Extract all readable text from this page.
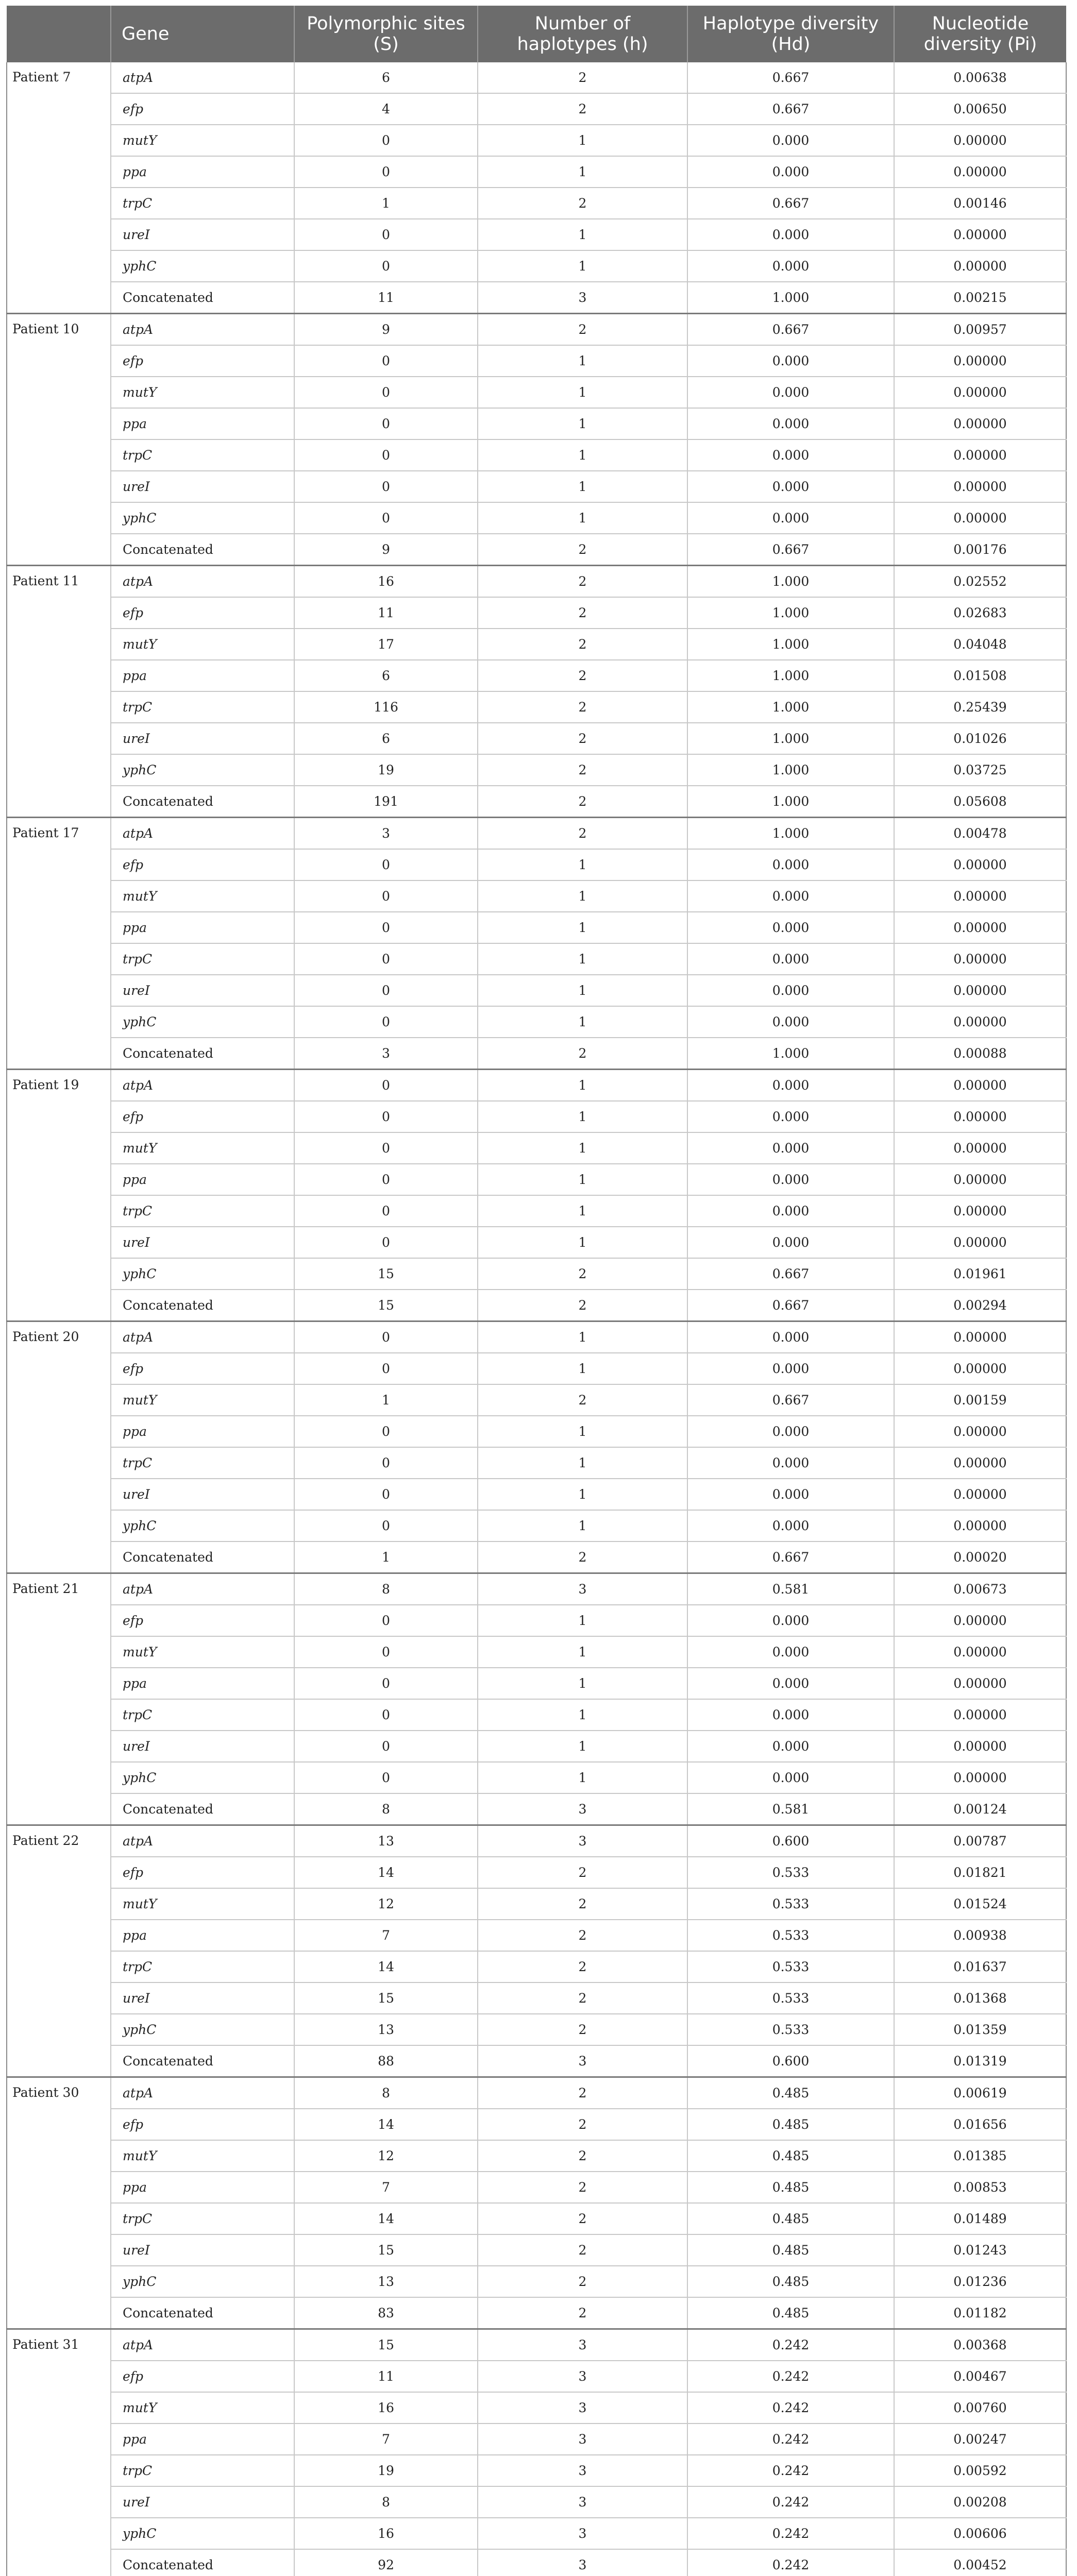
	Gene	Polymorphic sites (S)	Number of haplotypes (h)	Haplotype diversity (Hd)	Nucleotide diversity (Pi)
Patient 7	atpA	6	2	0.667	0.00638
	efp	4	2	0.667	0.00650
	mutY	0	1	0.000	0.00000
	ppa	0	1	0.000	0.00000
	trpC	1	2	0.667	0.00146
	ureI	0	1	0.000	0.00000
	yphC	0	1	0.000	0.00000
	Concatenated	11	3	1.000	0.00215
Patient 10	atpA	9	2	0.667	0.00957
	efp	0	1	0.000	0.00000
	mutY	0	1	0.000	0.00000
	ppa	0	1	0.000	0.00000
	trpC	0	1	0.000	0.00000
	ureI	0	1	0.000	0.00000
	yphC	0	1	0.000	0.00000
	Concatenated	9	2	0.667	0.00176
Patient 11	atpA	16	2	1.000	0.02552
	efp	11	2	1.000	0.02683
	mutY	17	2	1.000	0.04048
	ppa	6	2	1.000	0.01508
	trpC	116	2	1.000	0.25439
	ureI	6	2	1.000	0.01026
	yphC	19	2	1.000	0.03725
	Concatenated	191	2	1.000	0.05608
Patient 17	atpA	3	2	1.000	0.00478
	efp	0	1	0.000	0.00000
	mutY	0	1	0.000	0.00000
	ppa	0	1	0.000	0.00000
	trpC	0	1	0.000	0.00000
	ureI	0	1	0.000	0.00000
	yphC	0	1	0.000	0.00000
	Concatenated	3	2	1.000	0.00088
Patient 19	atpA	0	1	0.000	0.00000
	efp	0	1	0.000	0.00000
	mutY	0	1	0.000	0.00000
	ppa	0	1	0.000	0.00000
	trpC	0	1	0.000	0.00000
	ureI	0	1	0.000	0.00000
	yphC	15	2	0.667	0.01961
	Concatenated	15	2	0.667	0.00294
Patient 20	atpA	0	1	0.000	0.00000
	efp	0	1	0.000	0.00000
	mutY	1	2	0.667	0.00159
	ppa	0	1	0.000	0.00000
	trpC	0	1	0.000	0.00000
	ureI	0	1	0.000	0.00000
	yphC	0	1	0.000	0.00000
	Concatenated	1	2	0.667	0.00020
Patient 21	atpA	8	3	0.581	0.00673
	efp	0	1	0.000	0.00000
	mutY	0	1	0.000	0.00000
	ppa	0	1	0.000	0.00000
	trpC	0	1	0.000	0.00000
	ureI	0	1	0.000	0.00000
	yphC	0	1	0.000	0.00000
	Concatenated	8	3	0.581	0.00124
Patient 22	atpA	13	3	0.600	0.00787
	efp	14	2	0.533	0.01821
	mutY	12	2	0.533	0.01524
	ppa	7	2	0.533	0.00938
	trpC	14	2	0.533	0.01637
	ureI	15	2	0.533	0.01368
	yphC	13	2	0.533	0.01359
	Concatenated	88	3	0.600	0.01319
Patient 30	atpA	8	2	0.485	0.00619
	efp	14	2	0.485	0.01656
	mutY	12	2	0.485	0.01385
	ppa	7	2	0.485	0.00853
	trpC	14	2	0.485	0.01489
	ureI	15	2	0.485	0.01243
	yphC	13	2	0.485	0.01236
	Concatenated	83	2	0.485	0.01182
Patient 31	atpA	15	3	0.242	0.00368
	efp	11	3	0.242	0.00467
	mutY	16	3	0.242	0.00760
	ppa	7	3	0.242	0.00247
	trpC	19	3	0.242	0.00592
	ureI	8	3	0.242	0.00208
	yphC	16	3	0.242	0.00606
	Concatenated	92	3	0.242	0.00452
